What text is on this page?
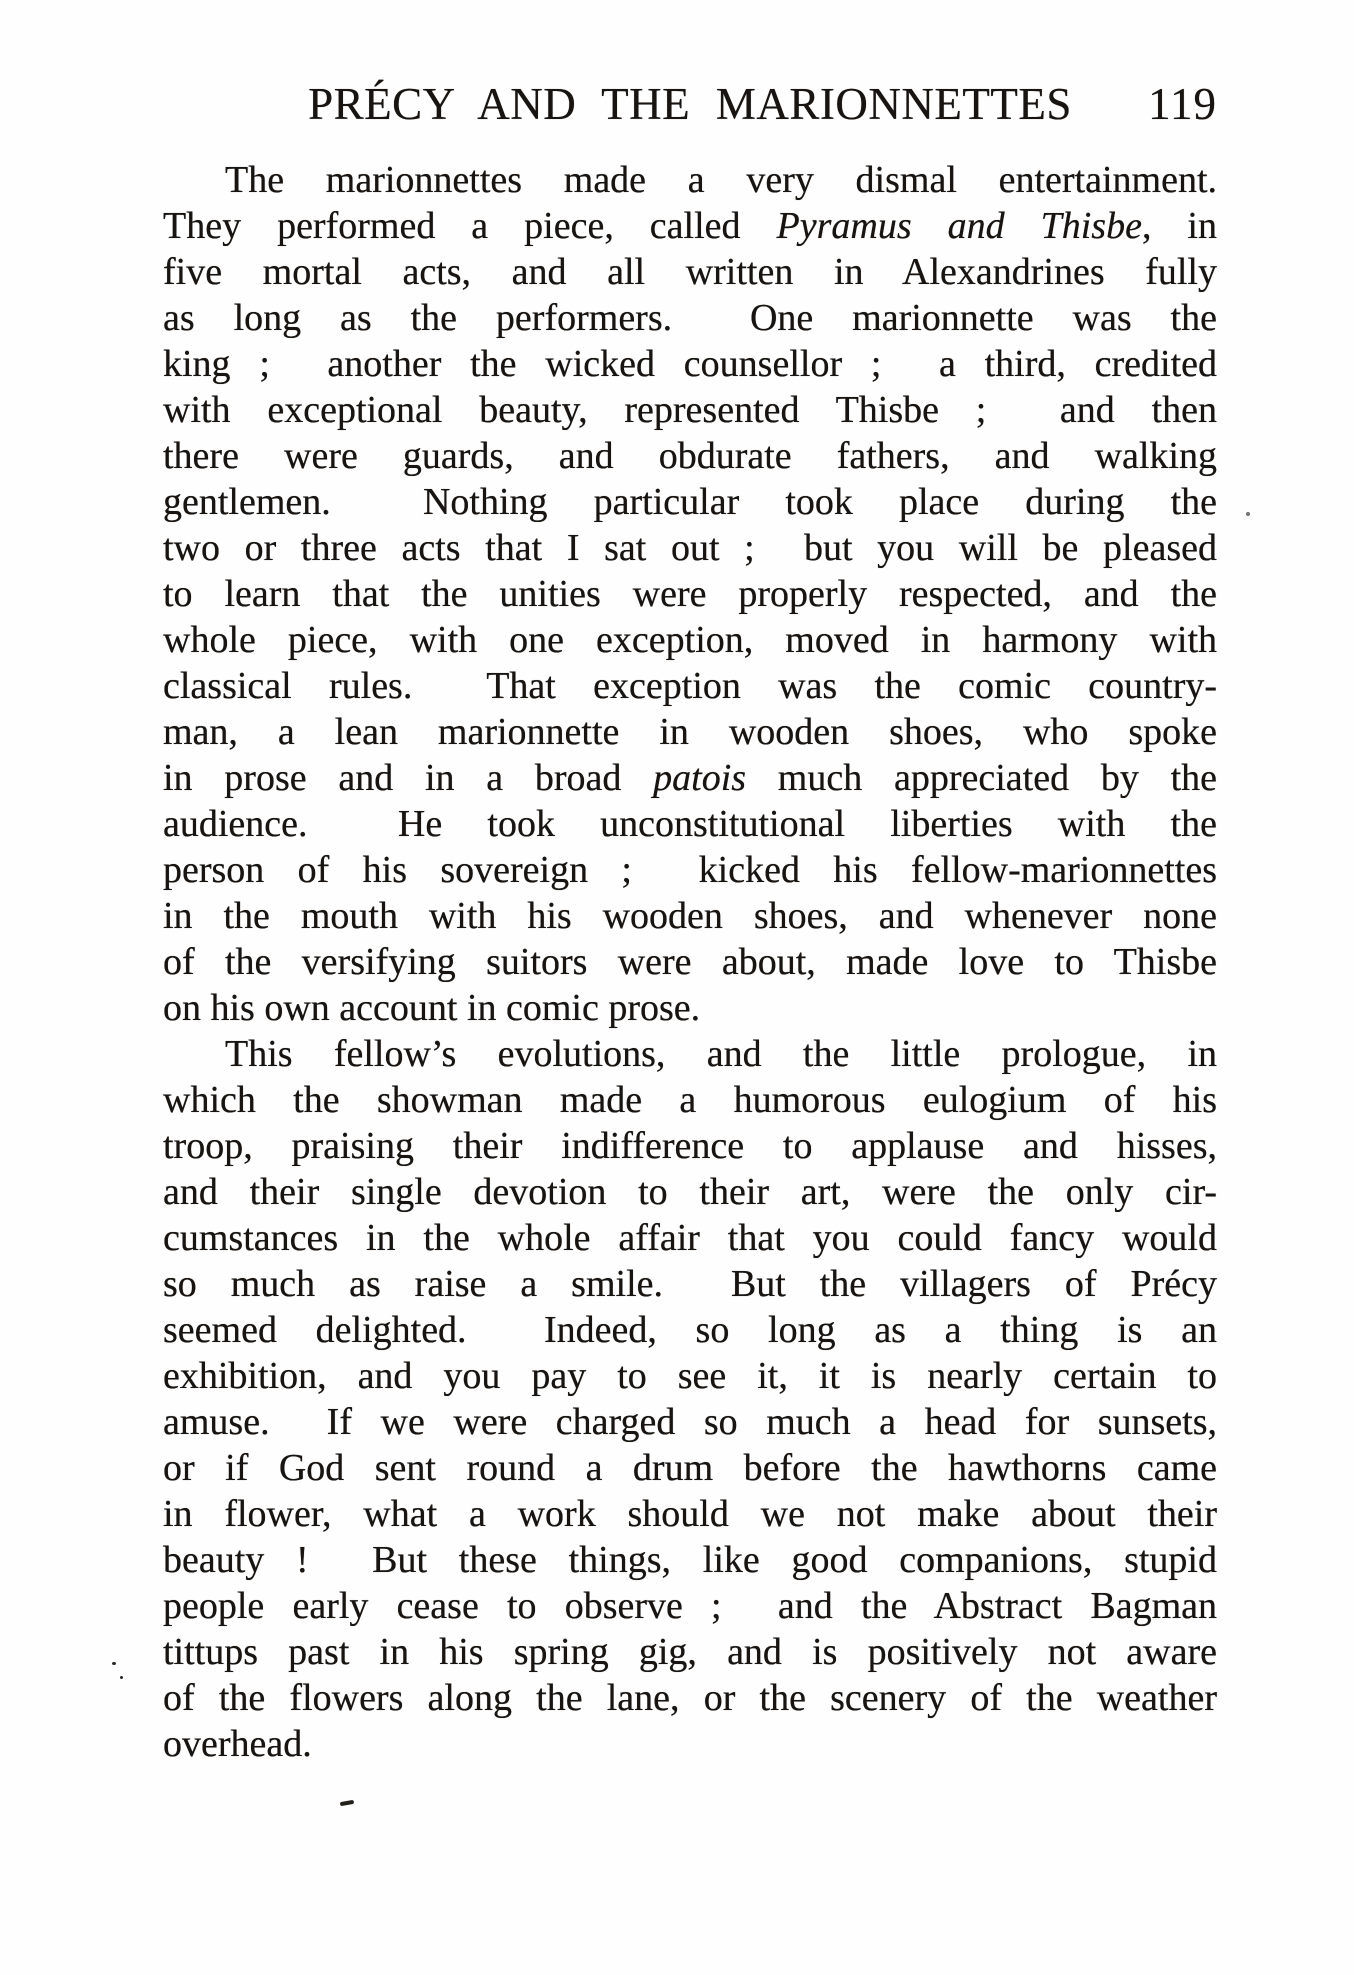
PRÉCY AND THE MARIONNETTES 119
The marionnettes made a very dismal entertainment.
They performed a piece, called Pyramus and Thisbe, in
five mortal acts, and all written in Alexandrines fully
as long as the performers.  One marionnette was the
king ;  another the wicked counsellor ;  a third, credited
with exceptional beauty, represented Thisbe ;  and then
there were guards, and obdurate fathers, and walking
gentlemen.  Nothing particular took place during the
two or three acts that I sat out ;  but you will be pleased
to learn that the unities were properly respected, and the
whole piece, with one exception, moved in harmony with
classical rules.  That exception was the comic country-
man, a lean marionnette in wooden shoes, who spoke
in prose and in a broad patois much appreciated by the
audience.  He took unconstitutional liberties with the
person of his sovereign ;  kicked his fellow-marionnettes
in the mouth with his wooden shoes, and whenever none
of the versifying suitors were about, made love to Thisbe
on his own account in comic prose.
This fellow’s evolutions, and the little prologue, in
which the showman made a humorous eulogium of his
troop, praising their indifference to applause and hisses,
and their single devotion to their art, were the only cir-
cumstances in the whole affair that you could fancy would
so much as raise a smile.  But the villagers of Précy
seemed delighted.  Indeed, so long as a thing is an
exhibition, and you pay to see it, it is nearly certain to
amuse.  If we were charged so much a head for sunsets,
or if God sent round a drum before the hawthorns came
in flower, what a work should we not make about their
beauty !  But these things, like good companions, stupid
people early cease to observe ;  and the Abstract Bagman
tittups past in his spring gig, and is positively not aware
of the flowers along the lane, or the scenery of the weather
overhead.
